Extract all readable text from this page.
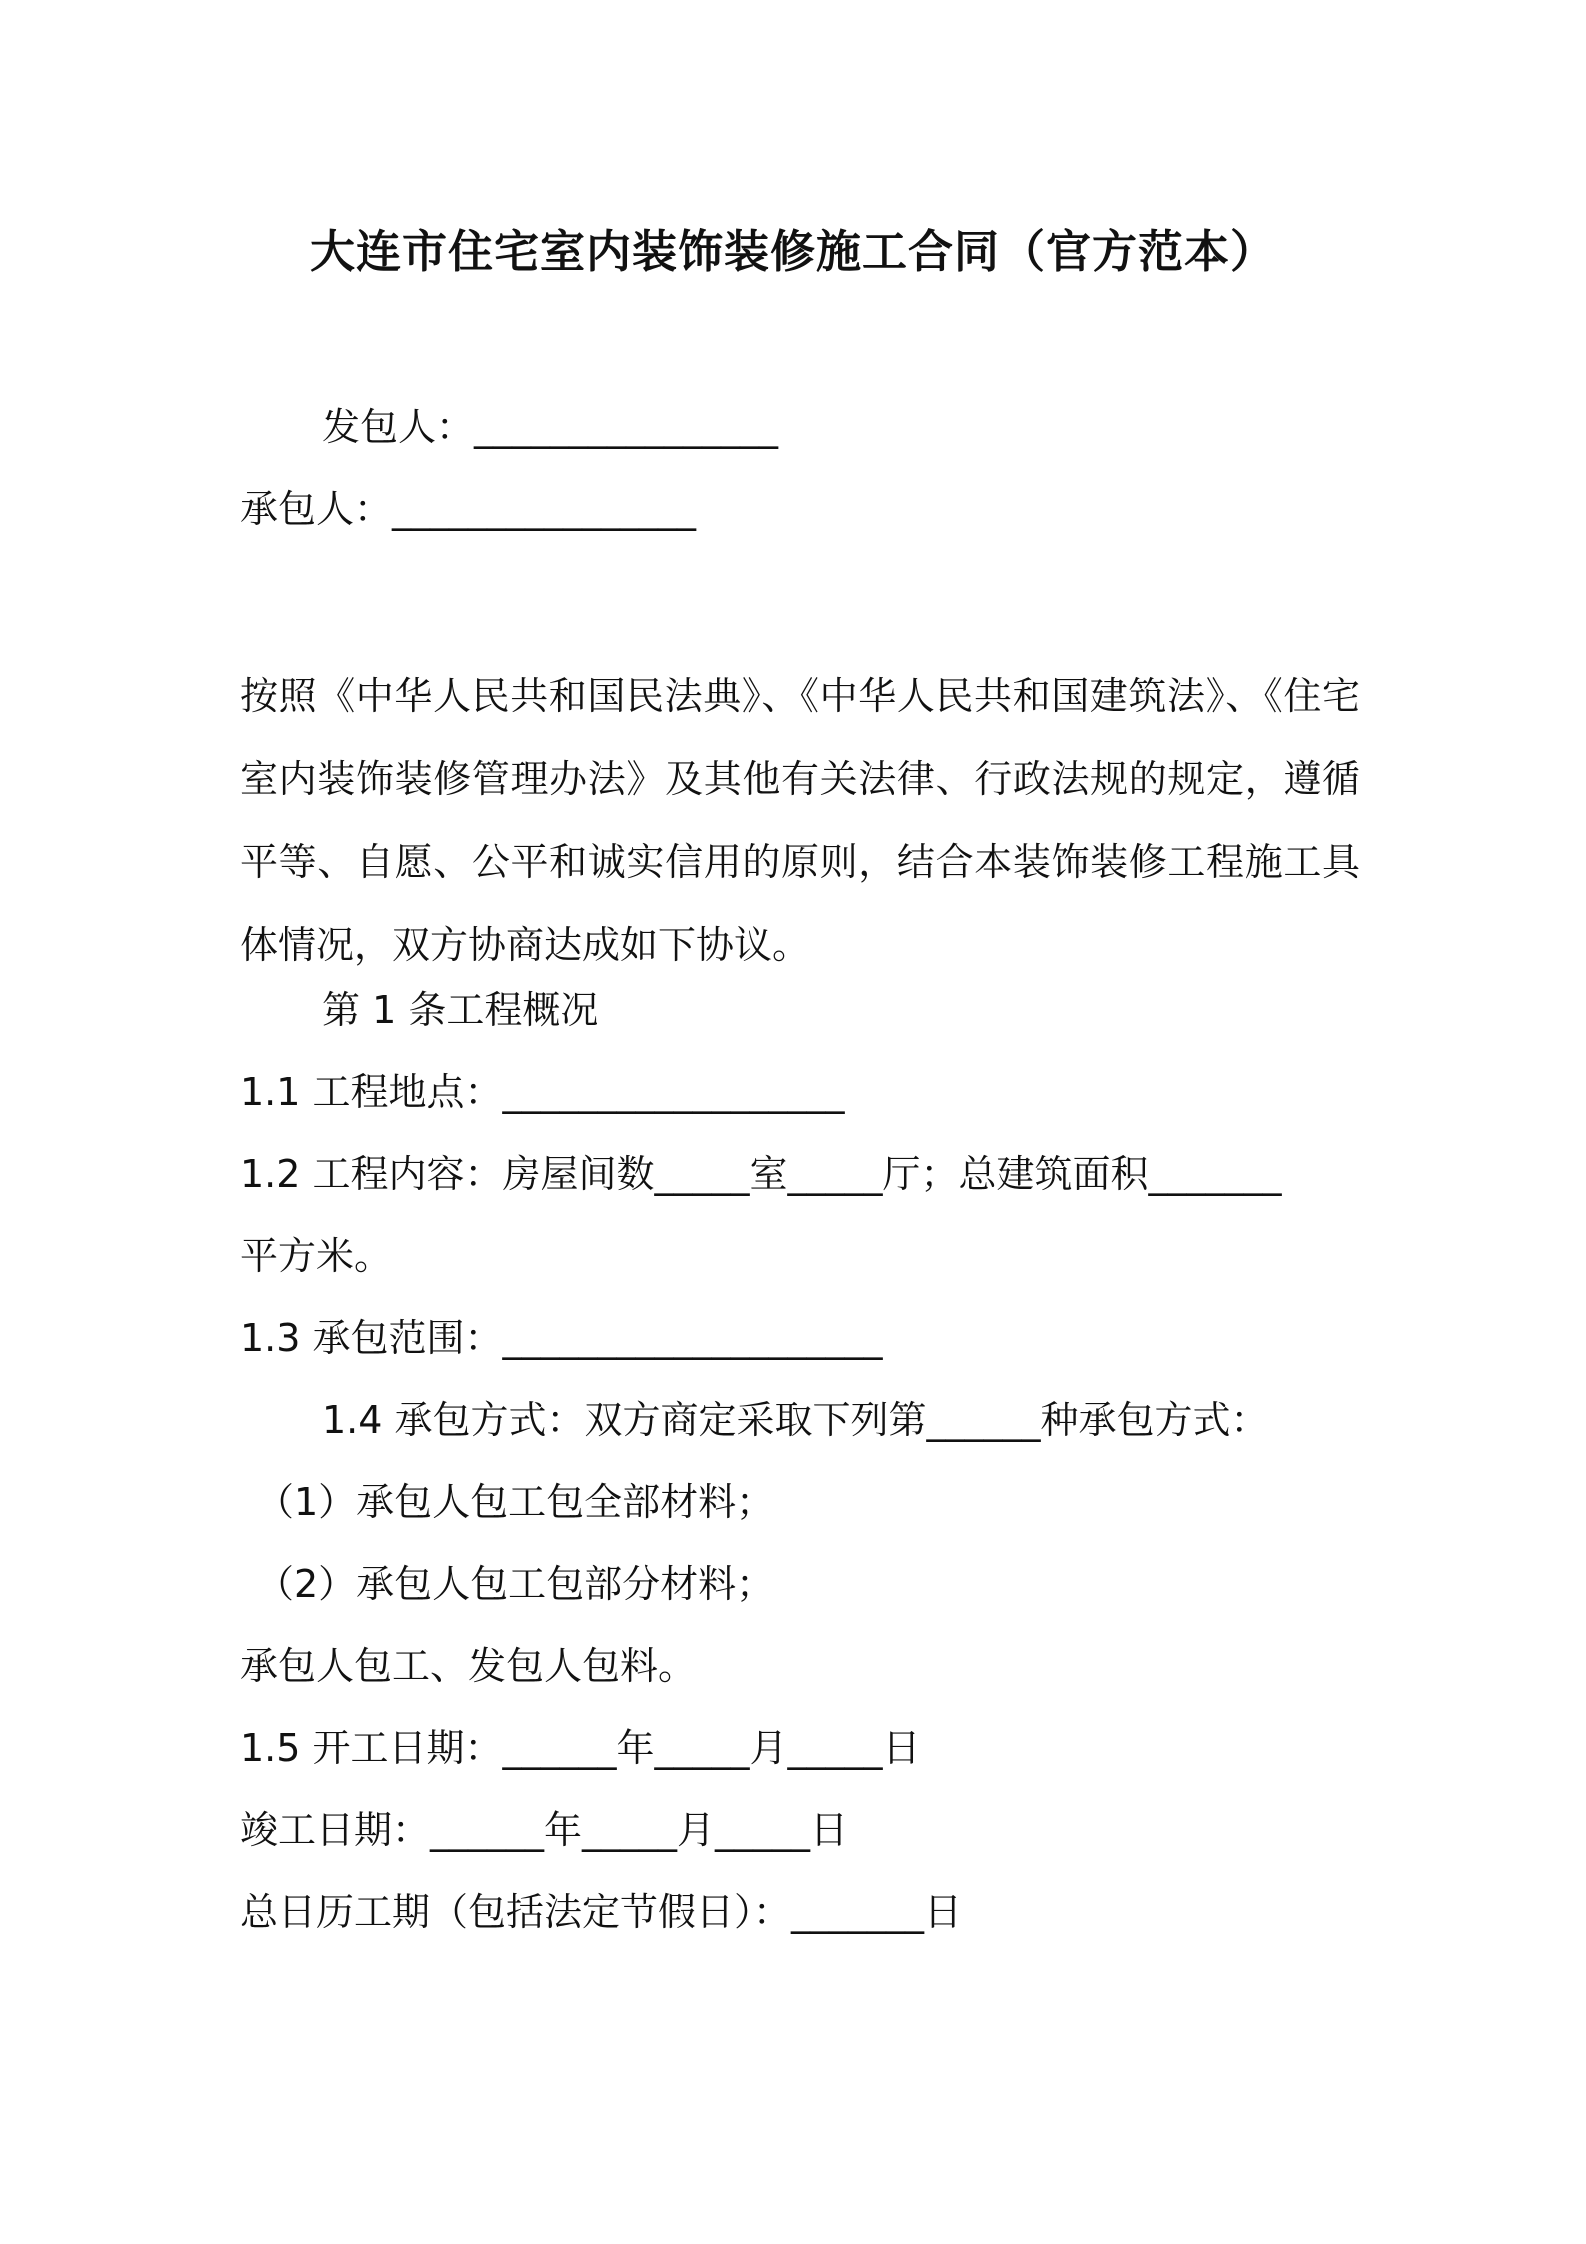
大连市住宅室内装饰装修施工合同（官方范本）
发包人：________________
承包人：________________
按照《中华人民共和国民法典》、《中华人民共和国建筑法》、《住宅室内装饰装修管理办法》及其他有关法律、行政法规的规定，遵循平等、自愿、公平和诚实信用的原则，结合本装饰装修工程施工具体情况，双方协商达成如下协议。
第 1 条工程概况
1.1 工程地点：__________________
1.2 工程内容：房屋间数_____室_____厅；总建筑面积_______
平方米。
1.3 承包范围：____________________
1.4 承包方式：双方商定采取下列第______种承包方式：
（1）承包人包工包全部材料；
（2）承包人包工包部分材料；
承包人包工、发包人包料。
1.5 开工日期：______年_____月_____日
竣工日期：______年_____月_____日
总日历工期（包括法定节假日）：_______日
